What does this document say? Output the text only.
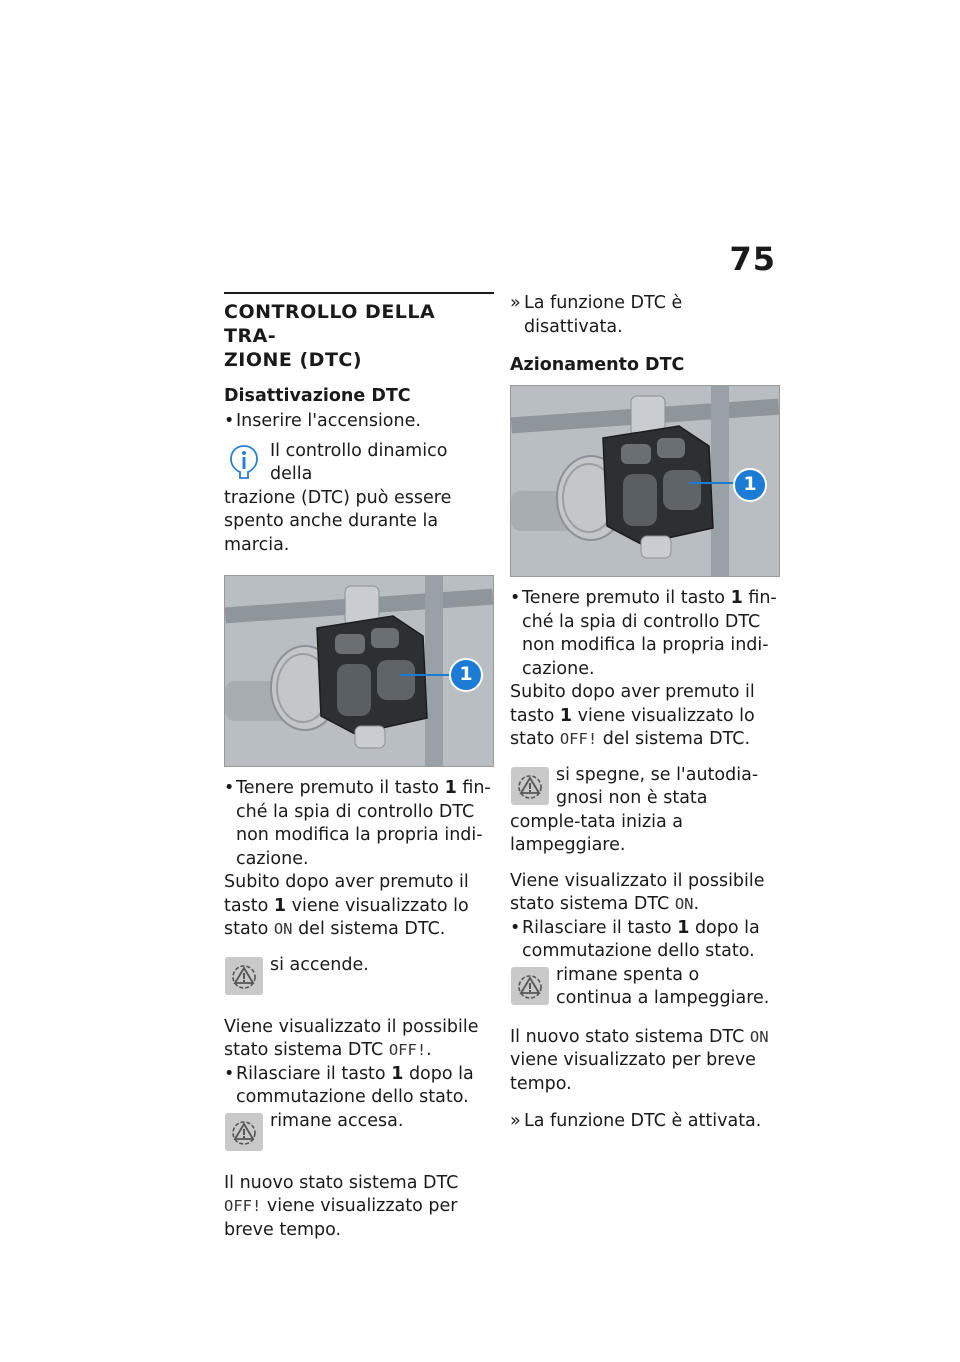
75
CONTROLLO DELLA TRA-
ZIONE (DTC)
Disattivazione DTC
• Inserire l'accensione.
Il controllo dinamico della
trazione (DTC) può essere
spento anche durante la marcia.
1
• Tenere premuto il tasto 1 fin-ché la spia di controllo DTC non modifica la propria indi-cazione.

Subito dopo aver premuto il tasto 1 viene visualizzato lo stato ON del sistema DTC.

si accende.

Viene visualizzato il possibile stato sistema DTC OFF!.

• Rilasciare il tasto 1 dopo la commutazione dello stato.
rimane accesa.

Il nuovo stato sistema DTC OFF! viene visualizzato per breve tempo.

» La funzione DTC è disattivata.
Azionamento DTC
1
• Tenere premuto il tasto 1 fin-ché la spia di controllo DTC non modifica la propria indi-cazione.

Subito dopo aver premuto il tasto 1 viene visualizzato lo stato OFF! del sistema DTC.

si spegne, se l'autodia-gnosi non è stata comple-tata inizia a lampeggiare.

Viene visualizzato il possibile stato sistema DTC ON.

• Rilasciare il tasto 1 dopo la commutazione dello stato.
rimane spenta o continua a lampeggiare.

Il nuovo stato sistema DTC ON viene visualizzato per breve tempo.

» La funzione DTC è attivata.
